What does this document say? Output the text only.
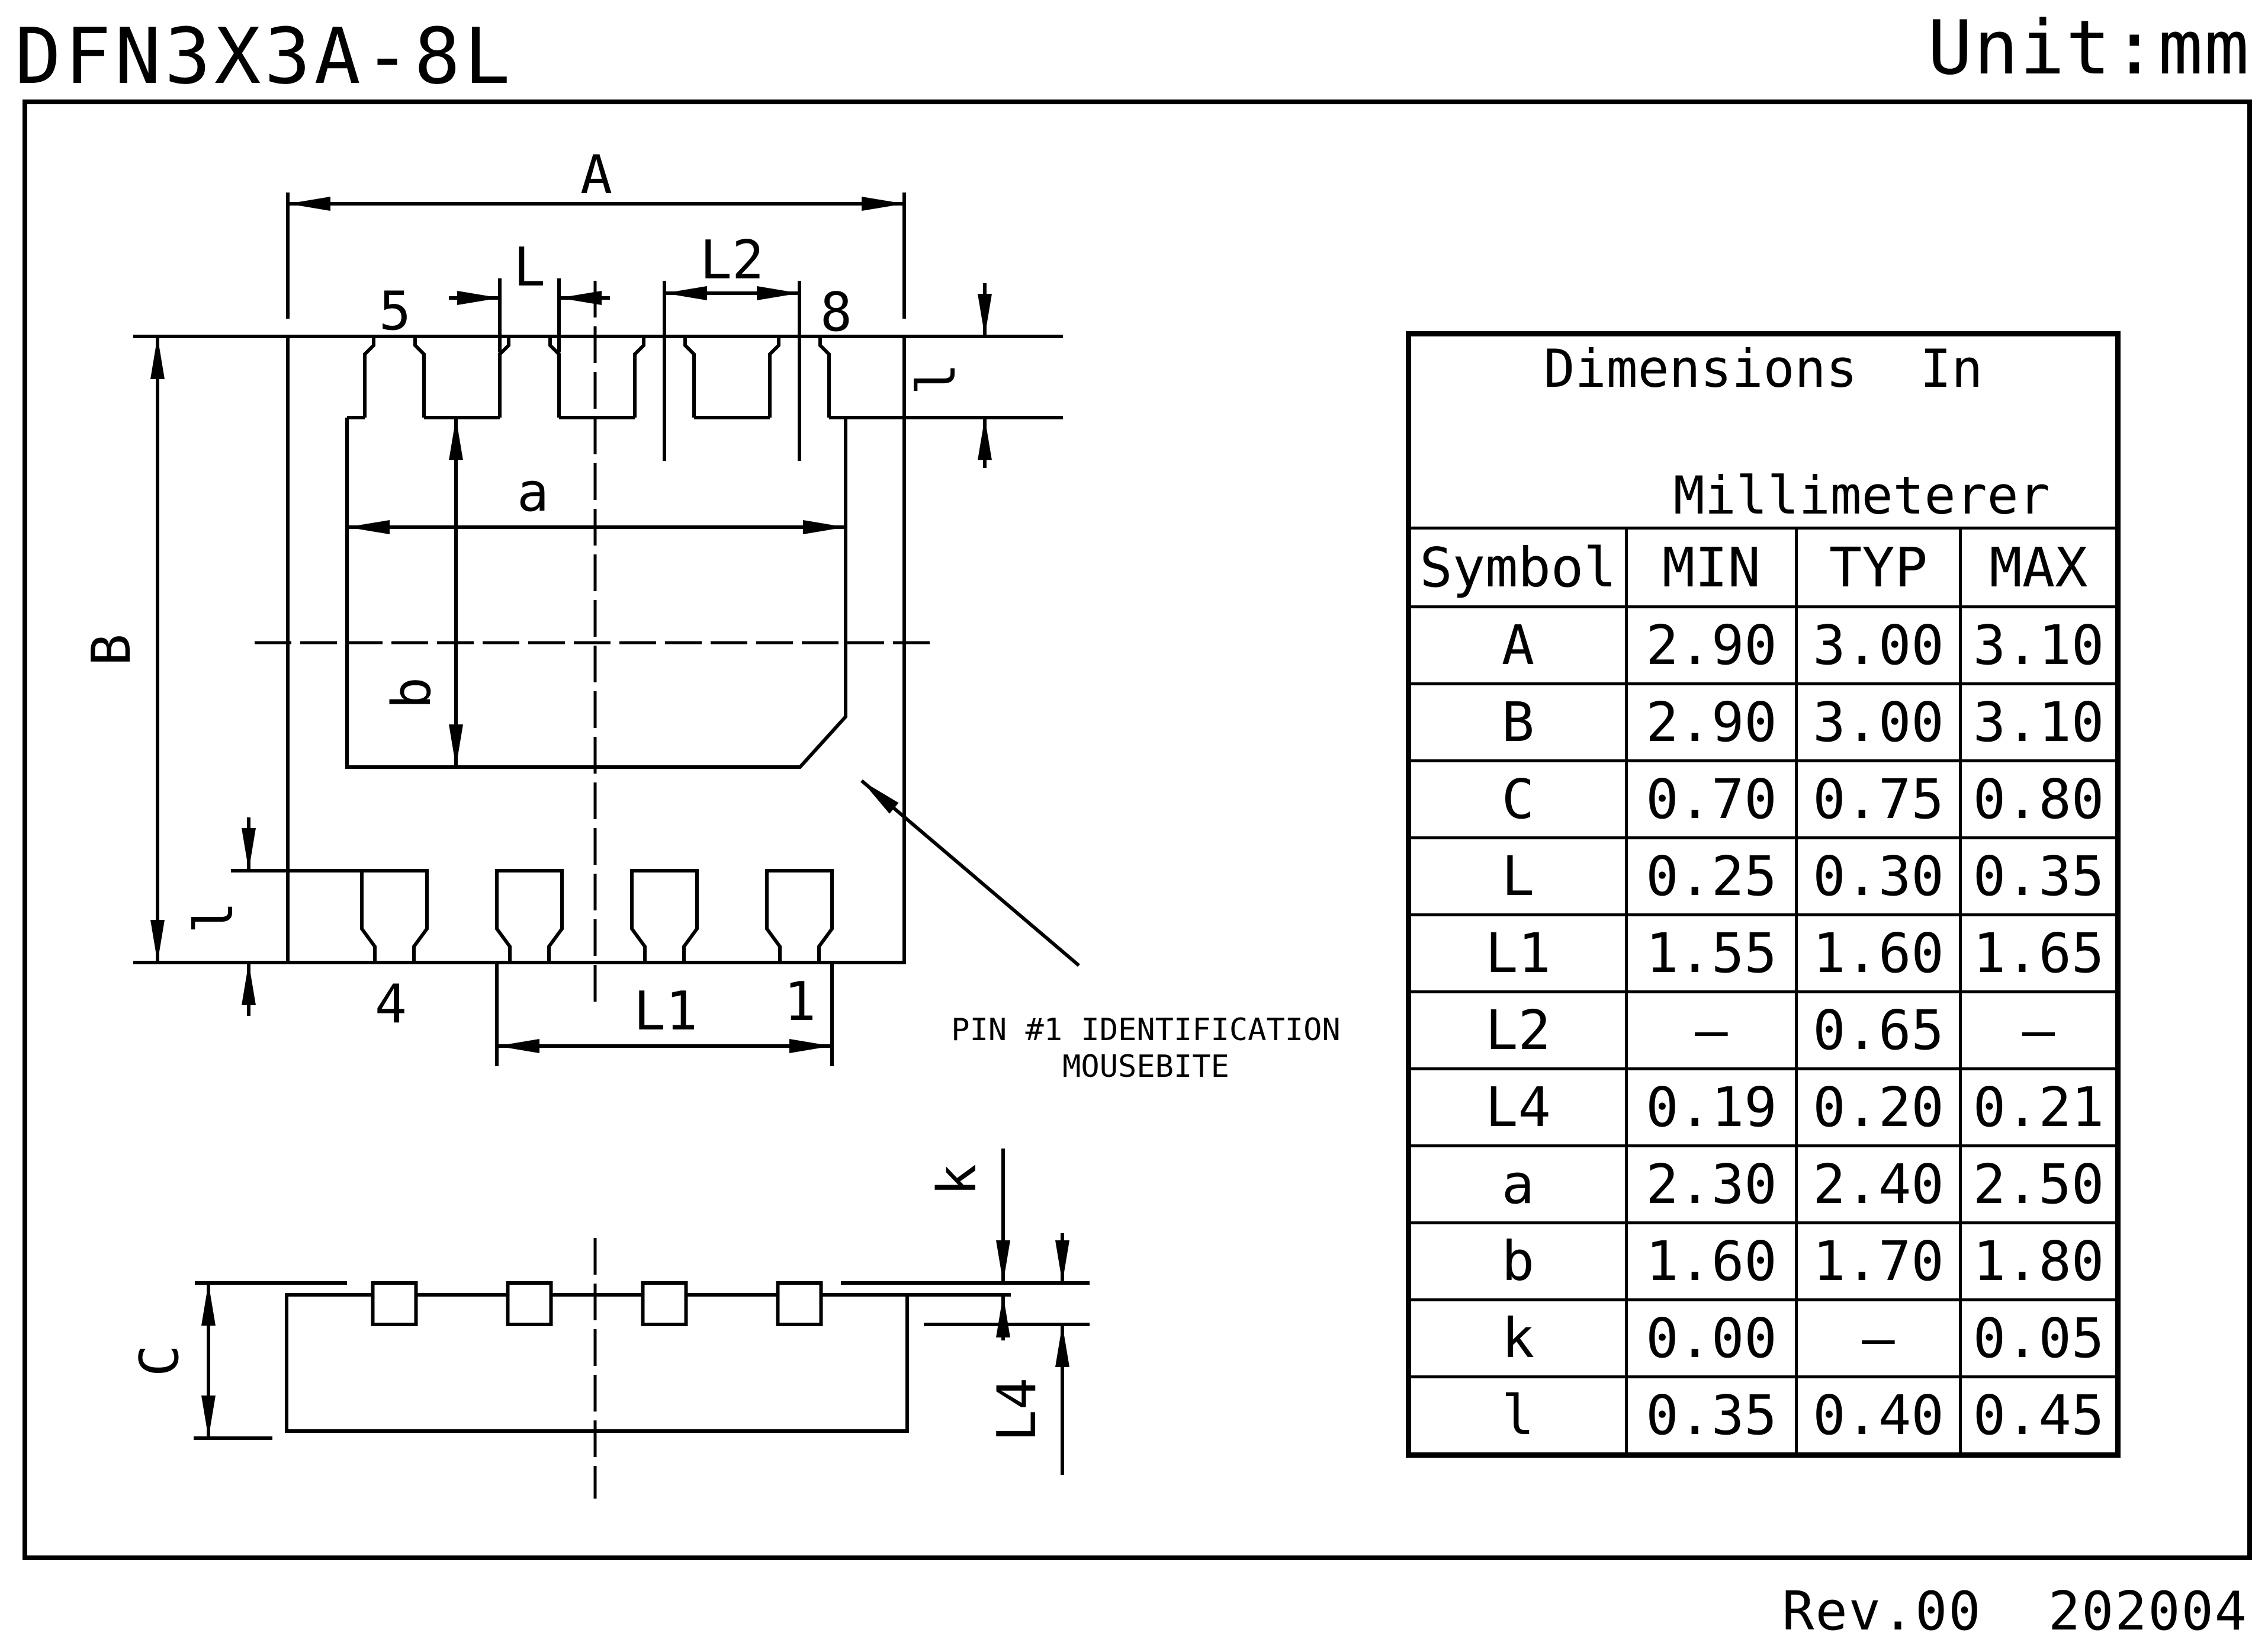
DFN3X3A-8L	Unit:mm
Rev.00  202004
A
B
L	L2
a
b
l
l
L1
5	8
4	1
C
k
L4
PIN #1 IDENTIFICATION
MOUSEBITE
Dimensions  In

Millimeterer			
Symbol	MIN	TYP	MAX
A	2.90	3.00	3.10
B	2.90	3.00	3.10
C	0.70	0.75	0.80
L	0.25	0.30	0.35
L1	1.55	1.60	1.65
L2	–	0.65	–
L4	0.19	0.20	0.21
a	2.30	2.40	2.50
b	1.60	1.70	1.80
k	0.00	–	0.05
l	0.35	0.40	0.45
